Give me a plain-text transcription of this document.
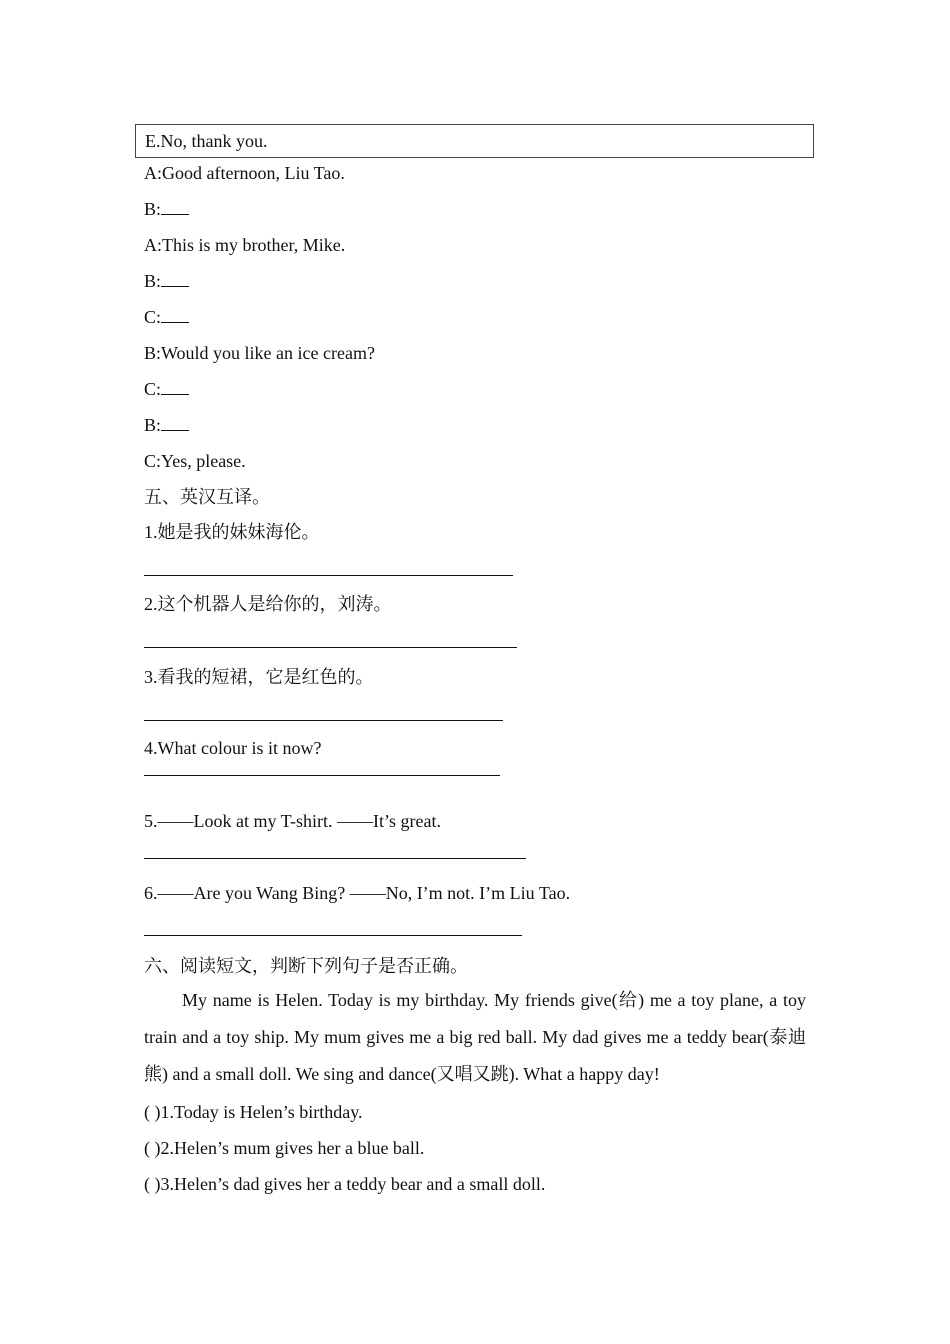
E.No, thank you.
A:Good afternoon, Liu Tao.
B:
A:This is my brother, Mike.
B:
C:
B:Would you like an ice cream?
C:
B:
C:Yes, please.
五、英汉互译。
1.她是我的妹妹海伦。
2.这个机器人是给你的，刘涛。
3.看我的短裙，它是红色的。
4.What colour is it now?
5.——Look at my T-shirt. ——It’s great.
6.——Are you Wang Bing? ——No, I’m not. I’m Liu Tao.
六、阅读短文，判断下列句子是否正确。

My name is Helen. Today is my birthday. My friends give(给) me a toy plane, a toy train and a toy ship. My mum gives me a big red ball. My dad gives me a teddy bear(泰迪熊) and a small doll. We sing and dance(又唱又跳). What a happy day!

( )1.Today is Helen’s birthday.
( )2.Helen’s mum gives her a blue ball.
( )3.Helen’s dad gives her a teddy bear and a small doll.
